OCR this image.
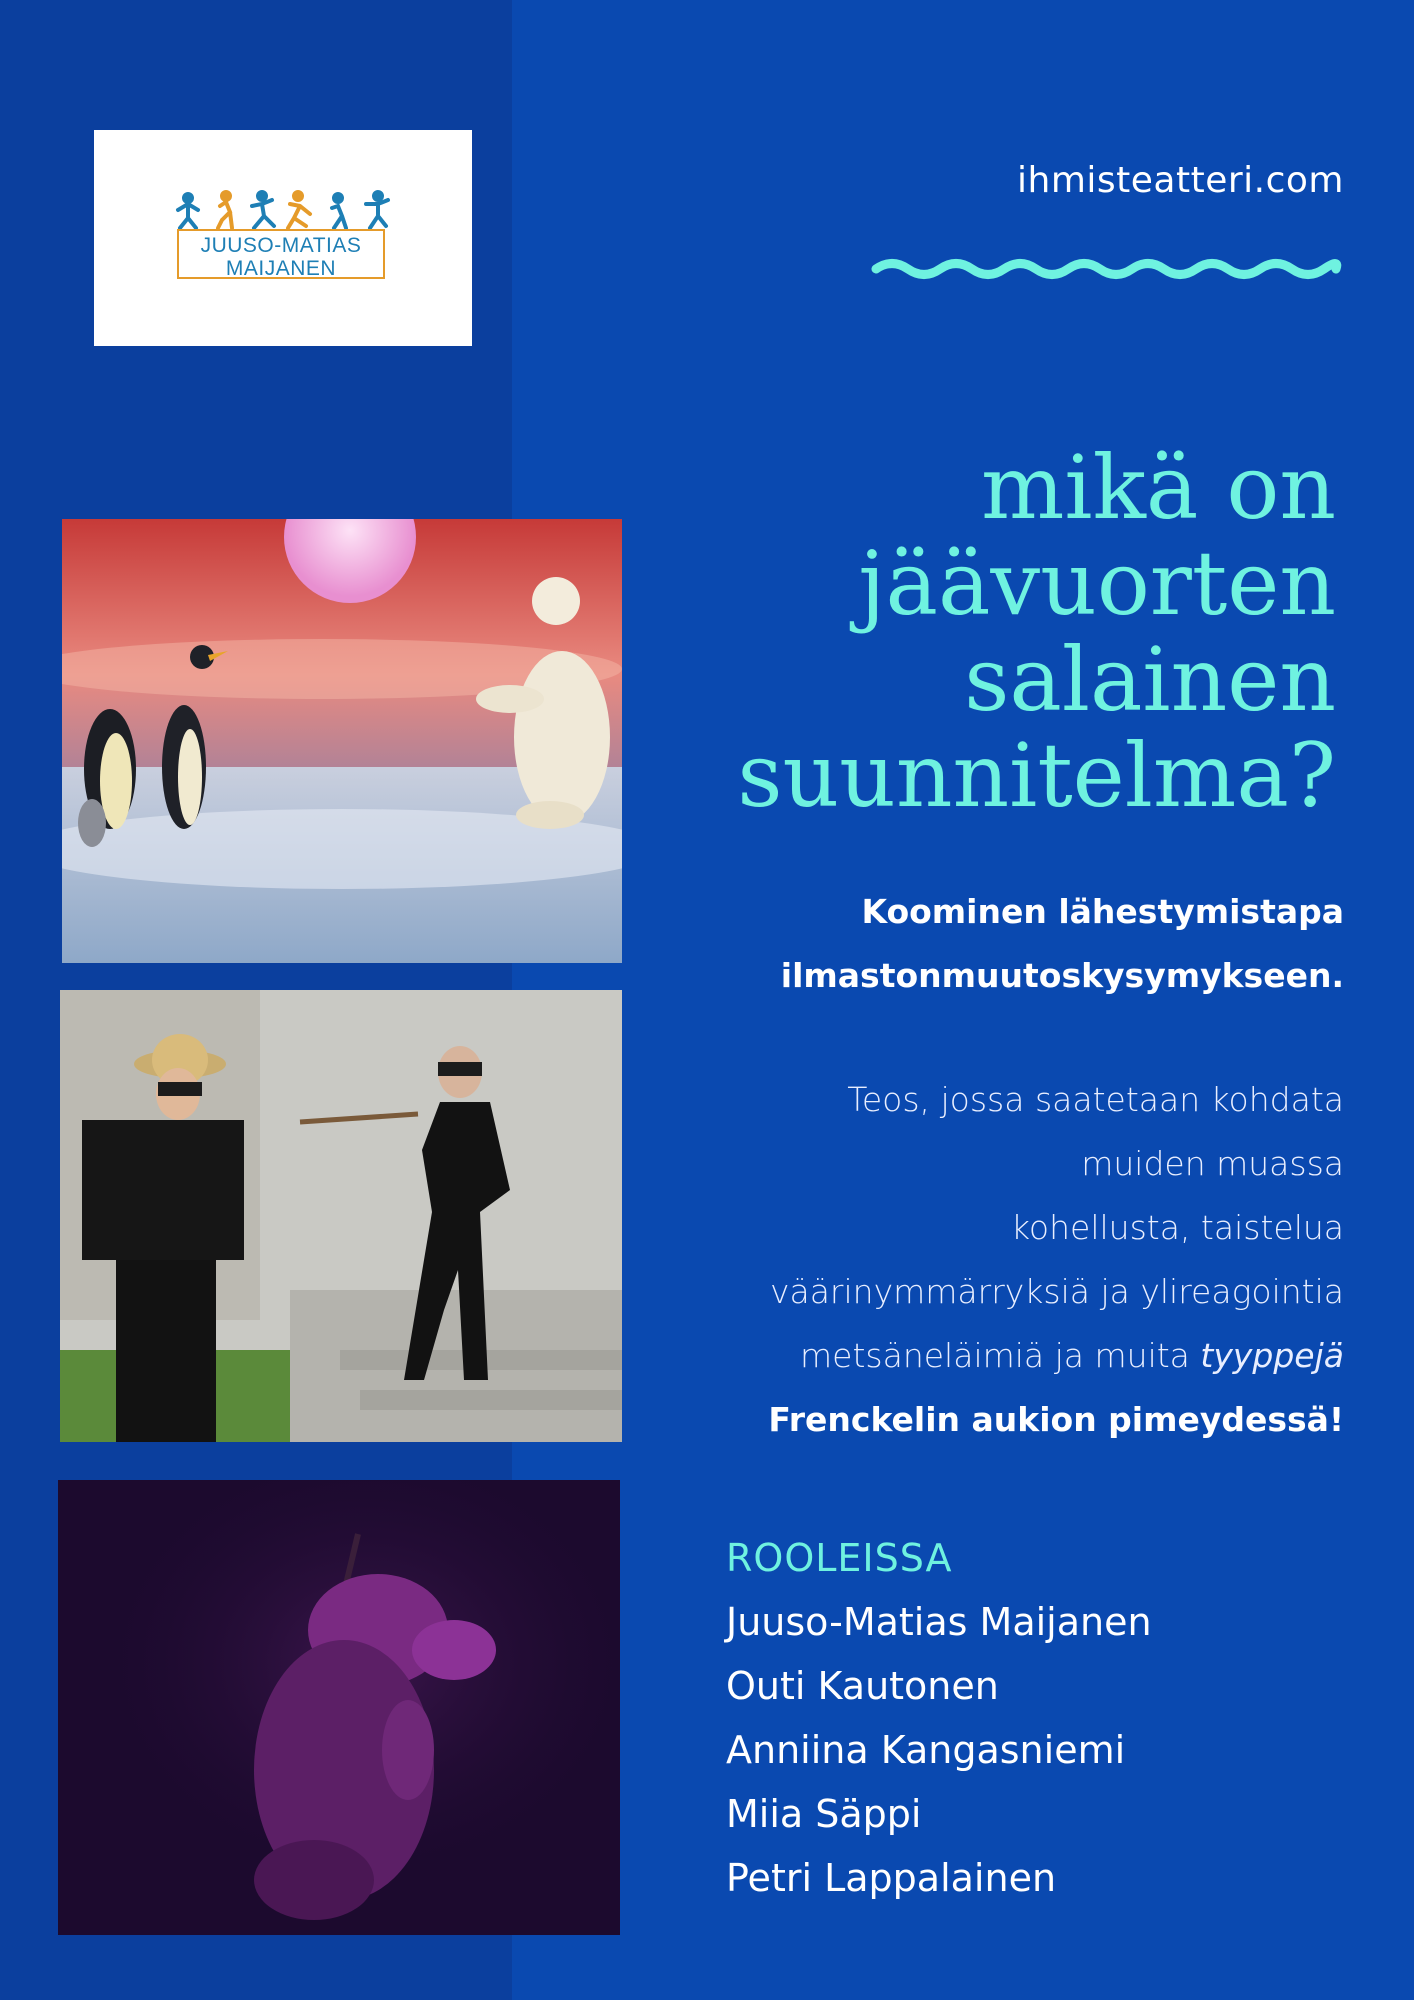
JUUSO-MATIAS
MAIJANEN
ihmisteatteri.com
mikä on
jäävuorten
salainen
suunnitelma?

Koominen lähestymistapa
ilmastonmuutoskysymykseen.

Teos, jossa saatetaan kohdata
muiden muassa
kohellusta, taistelua
väärinymmärryksiä ja ylireagointia
metsäneläimiä ja muita tyyppejä
Frenckelin aukion pimeydessä!

ROOLEISSA
Juuso-Matias Maijanen
Outi Kautonen
Anniina Kangasniemi
Miia Säppi
Petri Lappalainen
